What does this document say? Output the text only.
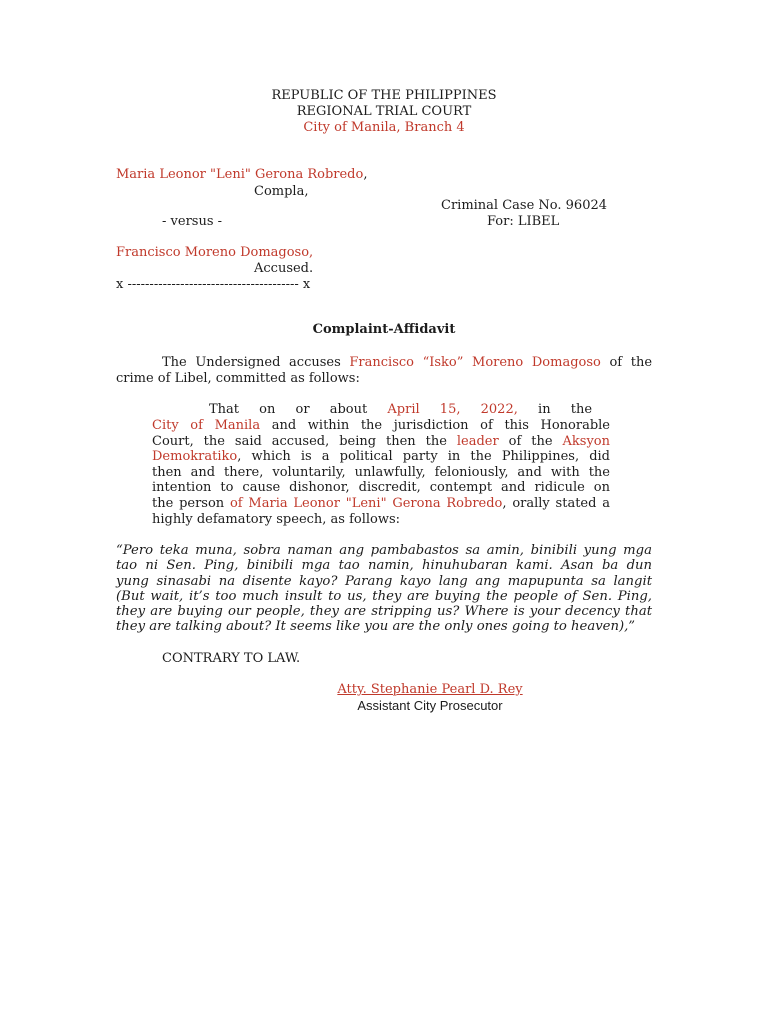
REPUBLIC OF THE PHILIPPINES
REGIONAL TRIAL COURT
City of Manila, Branch 4
Maria Leonor "Leni" Gerona Robredo,
Compla,
Criminal Case No. 96024
- versus -	For: LIBEL
Francisco Moreno Domagoso,
Accused.
x --------------------------------------- x
Complaint-Affidavit
The Undersigned accuses Francisco “Isko” Moreno Domagoso of the
crime of Libel, committed as follows:
That on or about April 15, 2022, in the
City of Manila and within the jurisdiction of this Honorable
Court, the said accused, being then the leader of the Aksyon
Demokratiko, which is a political party in the Philippines, did
then and there, voluntarily, unlawfully, feloniously, and with the
intention to cause dishonor, discredit, contempt and ridicule on
the person of Maria Leonor "Leni" Gerona Robredo, orally stated a
highly defamatory speech, as follows:
“Pero teka muna, sobra naman ang pambabastos sa amin, binibili yung mga
tao ni Sen. Ping, binibili mga tao namin, hinuhubaran kami. Asan ba dun
yung sinasabi na disente kayo? Parang kayo lang ang mapupunta sa langit
(But wait, it’s too much insult to us, they are buying the people of Sen. Ping,
they are buying our people, they are stripping us? Where is your decency that
they are talking about? It seems like you are the only ones going to heaven),”
CONTRARY TO LAW.
Atty. Stephanie Pearl D. Rey
Assistant City Prosecutor
